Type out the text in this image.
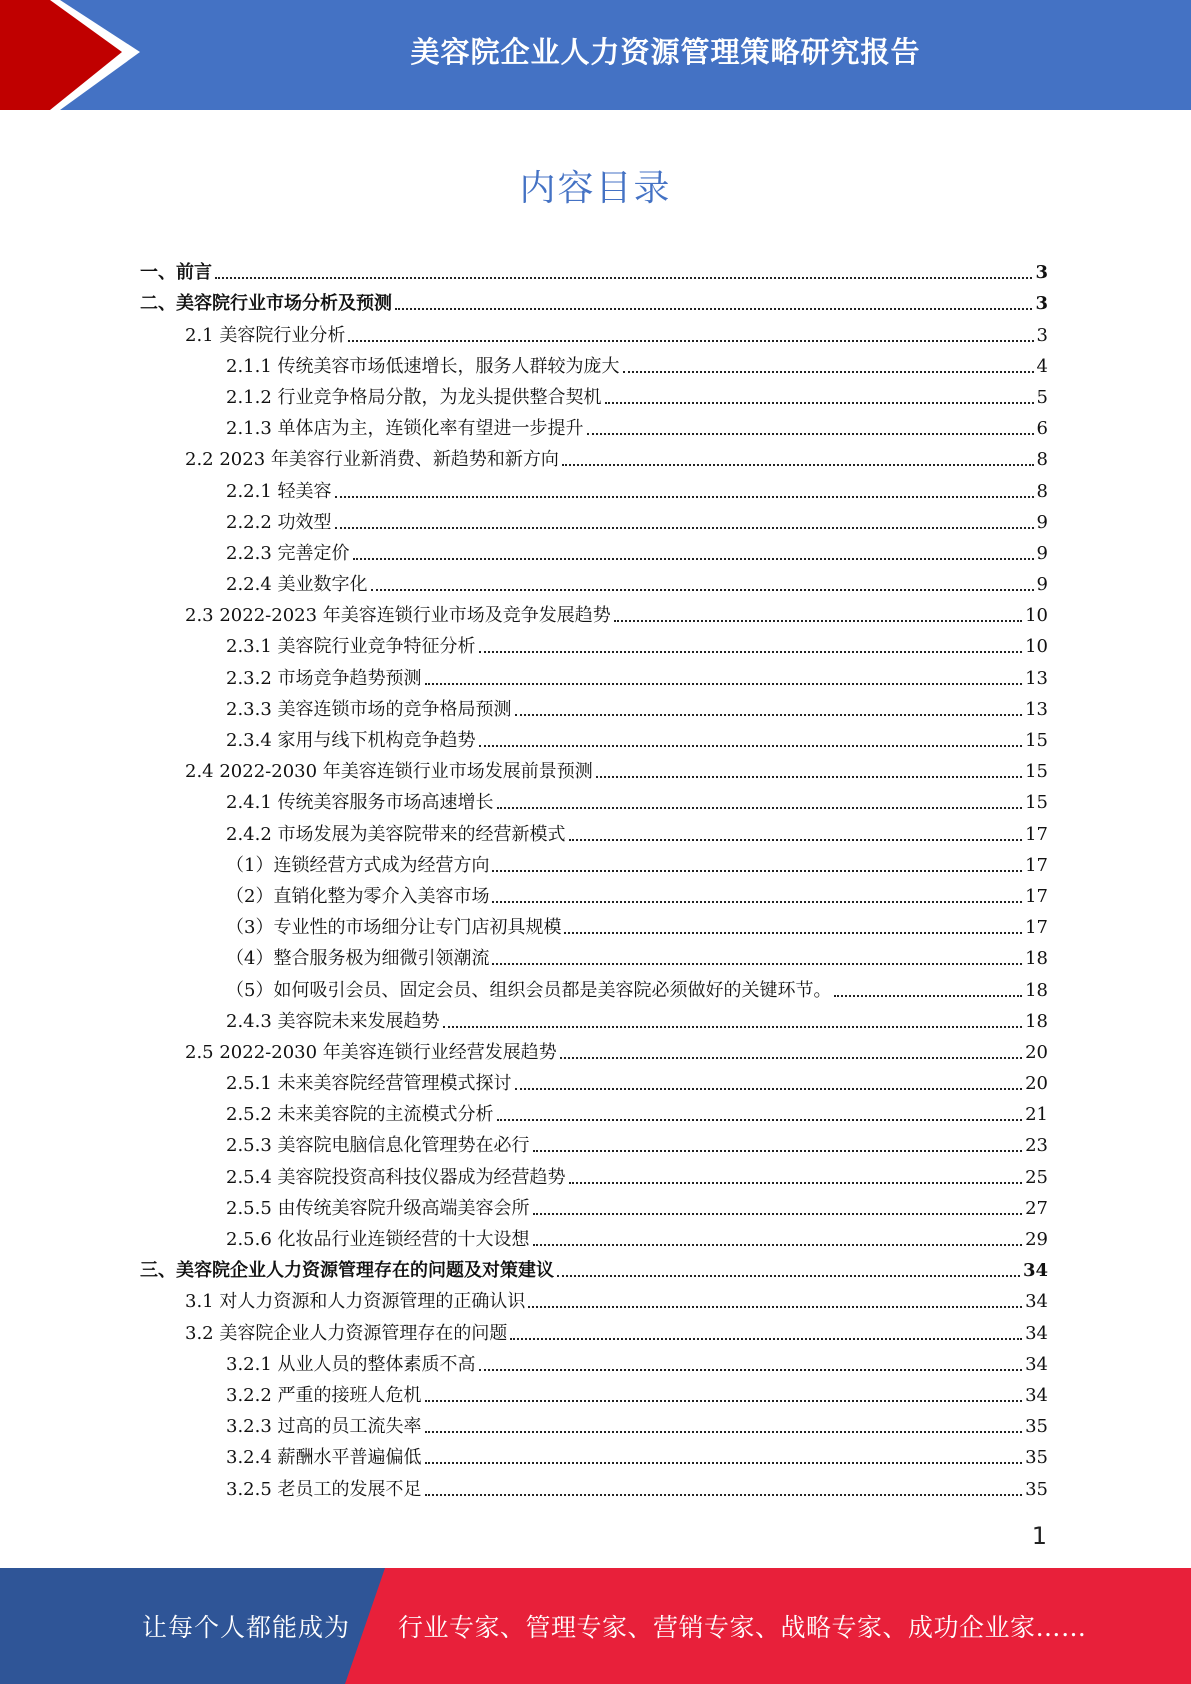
美容院企业人力资源管理策略研究报告
内容目录
一、前言	3
二、美容院行业市场分析及预测	3
2.1 美容院行业分析	3
2.1.1 传统美容市场低速增长，服务人群较为庞大	4
2.1.2 行业竞争格局分散，为龙头提供整合契机	5
2.1.3 单体店为主，连锁化率有望进一步提升	6
2.2 2023 年美容行业新消费、新趋势和新方向	8
2.2.1 轻美容	8
2.2.2 功效型	9
2.2.3 完善定价	9
2.2.4 美业数字化	9
2.3 2022-2023 年美容连锁行业市场及竞争发展趋势	10
2.3.1 美容院行业竞争特征分析	10
2.3.2 市场竞争趋势预测	13
2.3.3 美容连锁市场的竞争格局预测	13
2.3.4 家用与线下机构竞争趋势	15
2.4 2022-2030 年美容连锁行业市场发展前景预测	15
2.4.1 传统美容服务市场高速增长	15
2.4.2 市场发展为美容院带来的经营新模式	17
（1）连锁经营方式成为经营方向	17
（2）直销化整为零介入美容市场	17
（3）专业性的市场细分让专门店初具规模	17
（4）整合服务极为细微引领潮流	18
（5）如何吸引会员、固定会员、组织会员都是美容院必须做好的关键环节。	18
2.4.3 美容院未来发展趋势	18
2.5 2022-2030 年美容连锁行业经营发展趋势	20
2.5.1 未来美容院经营管理模式探讨	20
2.5.2 未来美容院的主流模式分析	21
2.5.3 美容院电脑信息化管理势在必行	23
2.5.4 美容院投资高科技仪器成为经营趋势	25
2.5.5 由传统美容院升级高端美容会所	27
2.5.6 化妆品行业连锁经营的十大设想	29
三、美容院企业人力资源管理存在的问题及对策建议	34
3.1 对人力资源和人力资源管理的正确认识	34
3.2 美容院企业人力资源管理存在的问题	34
3.2.1 从业人员的整体素质不高	34
3.2.2 严重的接班人危机	34
3.2.3 过高的员工流失率	35
3.2.4 薪酬水平普遍偏低	35
3.2.5 老员工的发展不足	35
1
让每个人都能成为 行业专家、管理专家、营销专家、战略专家、成功企业家……
